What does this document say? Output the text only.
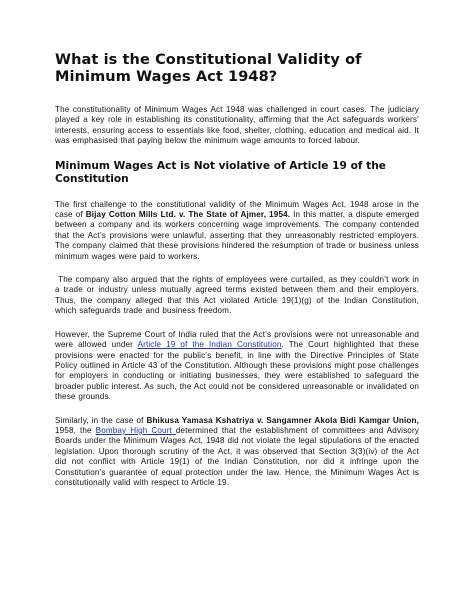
What is the Constitutional Validity of Minimum Wages Act 1948?

The constitutionality of Minimum Wages Act 1948 was challenged in court cases. The judiciary played a key role in establishing its constitutionality, affirming that the Act safeguards workers’ interests, ensuring access to essentials like food, shelter, clothing, education and medical aid. It was emphasised that paying below the minimum wage amounts to forced labour.

Minimum Wages Act is Not violative of Article 19 of the Constitution

The first challenge to the constitutional validity of the Minimum Wages Act, 1948 arose in the case of Bijay Cotton Mills Ltd. v. The State of Ajmer, 1954. In this matter, a dispute emerged between a company and its workers concerning wage improvements. The company contended that the Act’s provisions were unlawful, asserting that they unreasonably restricted employers. The company claimed that these provisions hindered the resumption of trade or business unless minimum wages were paid to workers.

The company also argued that the rights of employees were curtailed, as they couldn’t work in a trade or industry unless mutually agreed terms existed between them and their employers. Thus, the company alleged that this Act violated Article 19(1)(g) of the Indian Constitution, which safeguards trade and business freedom.

However, the Supreme Court of India ruled that the Act’s provisions were not unreasonable and were allowed under Article 19 of the Indian Constitution. The Court highlighted that these provisions were enacted for the public’s benefit, in line with the Directive Principles of State Policy outlined in Article 43 of the Constitution. Although these provisions might pose challenges for employers in conducting or initiating businesses, they were established to safeguard the broader public interest. As such, the Act could not be considered unreasonable or invalidated on these grounds.

Similarly, in the case of Bhikusa Yamasa Kshatriya v. Sangamner Akola Bidi Kamgar Union, 1958, the Bombay High Court determined that the establishment of committees and Advisory Boards under the Minimum Wages Act, 1948 did not violate the legal stipulations of the enacted legislation. Upon thorough scrutiny of the Act, it was observed that Section 3(3)(iv) of the Act did not conflict with Article 19(1) of the Indian Constitution, nor did it infringe upon the Constitution’s guarantee of equal protection under the law. Hence, the Minimum Wages Act is constitutionally valid with respect to Article 19.
